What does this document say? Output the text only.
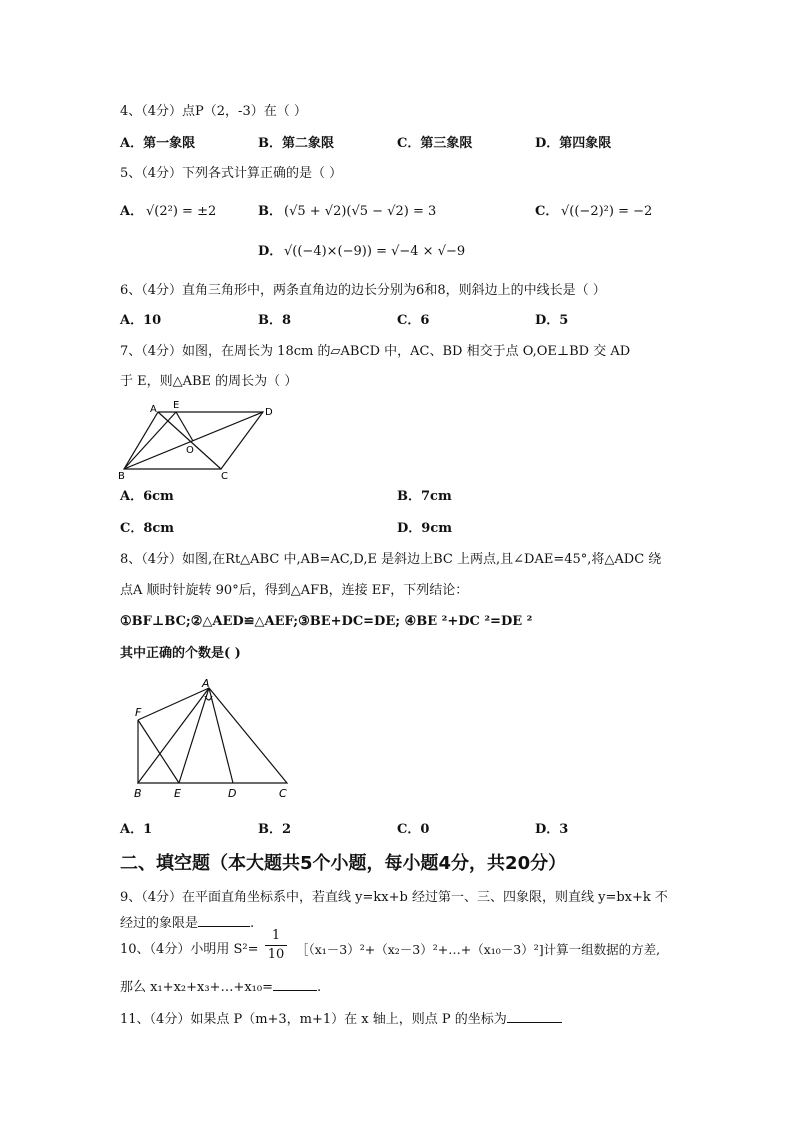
4、（4分）点P（2，-3）在（ ）
A．第一象限	B．第二象限	C．第三象限	D．第四象限
5、（4分）下列各式计算正确的是（ ）
A． √(2²) = ±2	B． (√5 + √2)(√5 − √2) = 3	C． √((−2)²) = −2
D． √((−4)×(−9)) = √−4 × √−9
6、（4分）直角三角形中，两条直角边的边长分别为6和8，则斜边上的中线长是（ ）
A．10	B．8	C．6	D．5
7、（4分）如图，在周长为 18cm 的▱ABCD 中，AC、BD 相交于点 O,OE⊥BD 交 AD
于 E，则△ABE 的周长为（ ）
A E
D
O
B	C
A．6cm	B．7cm
C．8cm	D．9cm
8、（4分）如图,在Rt△ABC 中,AB=AC,D,E 是斜边上BC 上两点,且∠DAE=45°,将△ADC 绕
点A 顺时针旋转 90°后，得到△AFB，连接 EF，下列结论：
①BF⊥BC;②△AED≌△AEF;③BE+DC=DE; ④BE ²+DC ²=DE ²
其中正确的个数是( )
A
F
B	E	D	C
A．1	B．2	C．0	D．3
二、填空题（本大题共5个小题，每小题4分，共20分）
9、（4分）在平面直角坐标系中，若直线 y=kx+b 经过第一、三、四象限，则直线 y=bx+k 不
经过的象限是	.
10、（4分）小明用 S²=
1
10 ［（x₁－3）²+（x₂－3）²+…+（x₁₀－3）²]计算一组数据的方差,
那么 x₁+x₂+x₃+…+x₁₀=	.
11、（4分）如果点 P（m+3，m+1）在 x 轴上，则点 P 的坐标为
